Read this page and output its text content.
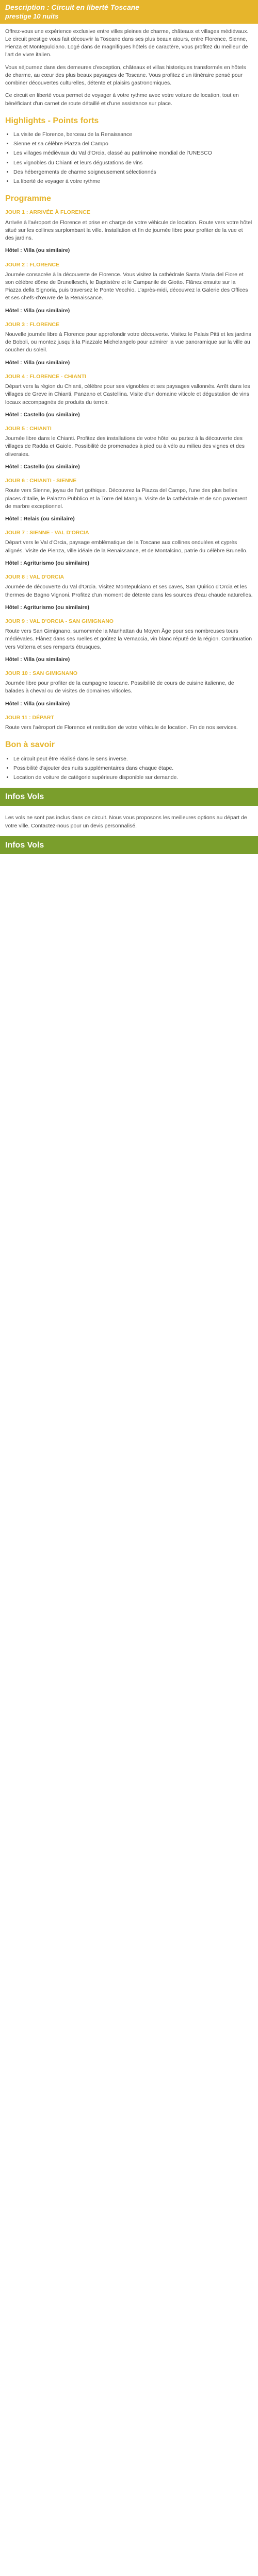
Description : Circuit en liberté Toscane
prestige 10 nuits

Offrez-vous une expérience exclusive entre villes pleines de charme, châteaux et villages médiévaux. Le circuit prestige vous fait découvrir la Toscane dans ses plus beaux atours, entre Florence, Sienne, Pienza et Montepulciano. Logé dans de magnifiques hôtels de caractère, vous profitez du meilleur de l'art de vivre italien.

Vous séjournez dans des demeures d'exception, châteaux et villas historiques transformés en hôtels de charme, au cœur des plus beaux paysages de Toscane. Vous profitez d'un itinéraire pensé pour combiner découvertes culturelles, détente et plaisirs gastronomiques.

Ce circuit en liberté vous permet de voyager à votre rythme avec votre voiture de location, tout en bénéficiant d'un carnet de route détaillé et d'une assistance sur place.

Highlights - Points forts
• La visite de Florence, berceau de la Renaissance
• Sienne et sa célèbre Piazza del Campo
• Les villages médiévaux du Val d'Orcia, classé au patrimoine mondial de l'UNESCO
• Les vignobles du Chianti et leurs dégustations de vins
• Des hébergements de charme soigneusement sélectionnés
• La liberté de voyager à votre rythme
Programme
JOUR 1 : ARRIVÉE À FLORENCE

Arrivée à l'aéroport de Florence et prise en charge de votre véhicule de location. Route vers votre hôtel situé sur les collines surplombant la ville. Installation et fin de journée libre pour profiter de la vue et des jardins.

Hôtel : Villa (ou similaire)
JOUR 2 : FLORENCE

Journée consacrée à la découverte de Florence. Vous visitez la cathédrale Santa Maria del Fiore et son célèbre dôme de Brunelleschi, le Baptistère et le Campanile de Giotto. Flânez ensuite sur la Piazza della Signoria, puis traversez le Ponte Vecchio. L'après-midi, découvrez la Galerie des Offices et ses chefs-d'œuvre de la Renaissance.

Hôtel : Villa (ou similaire)
JOUR 3 : FLORENCE

Nouvelle journée libre à Florence pour approfondir votre découverte. Visitez le Palais Pitti et les jardins de Boboli, ou montez jusqu'à la Piazzale Michelangelo pour admirer la vue panoramique sur la ville au coucher du soleil.

Hôtel : Villa (ou similaire)
JOUR 4 : FLORENCE - CHIANTI

Départ vers la région du Chianti, célèbre pour ses vignobles et ses paysages vallonnés. Arrêt dans les villages de Greve in Chianti, Panzano et Castellina. Visite d'un domaine viticole et dégustation de vins locaux accompagnés de produits du terroir.

Hôtel : Castello (ou similaire)
JOUR 5 : CHIANTI

Journée libre dans le Chianti. Profitez des installations de votre hôtel ou partez à la découverte des villages de Radda et Gaiole. Possibilité de promenades à pied ou à vélo au milieu des vignes et des oliveraies.

Hôtel : Castello (ou similaire)
JOUR 6 : CHIANTI - SIENNE

Route vers Sienne, joyau de l'art gothique. Découvrez la Piazza del Campo, l'une des plus belles places d'Italie, le Palazzo Pubblico et la Torre del Mangia. Visite de la cathédrale et de son pavement de marbre exceptionnel.

Hôtel : Relais (ou similaire)
JOUR 7 : SIENNE - VAL D'ORCIA

Départ vers le Val d'Orcia, paysage emblématique de la Toscane aux collines ondulées et cyprès alignés. Visite de Pienza, ville idéale de la Renaissance, et de Montalcino, patrie du célèbre Brunello.

Hôtel : Agriturismo (ou similaire)
JOUR 8 : VAL D'ORCIA

Journée de découverte du Val d'Orcia. Visitez Montepulciano et ses caves, San Quirico d'Orcia et les thermes de Bagno Vignoni. Profitez d'un moment de détente dans les sources d'eau chaude naturelles.

Hôtel : Agriturismo (ou similaire)
JOUR 9 : VAL D'ORCIA - SAN GIMIGNANO

Route vers San Gimignano, surnommée la Manhattan du Moyen Âge pour ses nombreuses tours médiévales. Flânez dans ses ruelles et goûtez la Vernaccia, vin blanc réputé de la région. Continuation vers Volterra et ses remparts étrusques.

Hôtel : Villa (ou similaire)
JOUR 10 : SAN GIMIGNANO

Journée libre pour profiter de la campagne toscane. Possibilité de cours de cuisine italienne, de balades à cheval ou de visites de domaines viticoles.

Hôtel : Villa (ou similaire)
JOUR 11 : DÉPART

Route vers l'aéroport de Florence et restitution de votre véhicule de location. Fin de nos services.

Bon à savoir
• Le circuit peut être réalisé dans le sens inverse.
• Possibilité d'ajouter des nuits supplémentaires dans chaque étape.
• Location de voiture de catégorie supérieure disponible sur demande.
Infos Vols

Les vols ne sont pas inclus dans ce circuit. Nous vous proposons les meilleures options au départ de votre ville. Contactez-nous pour un devis personnalisé.

Infos Vols
